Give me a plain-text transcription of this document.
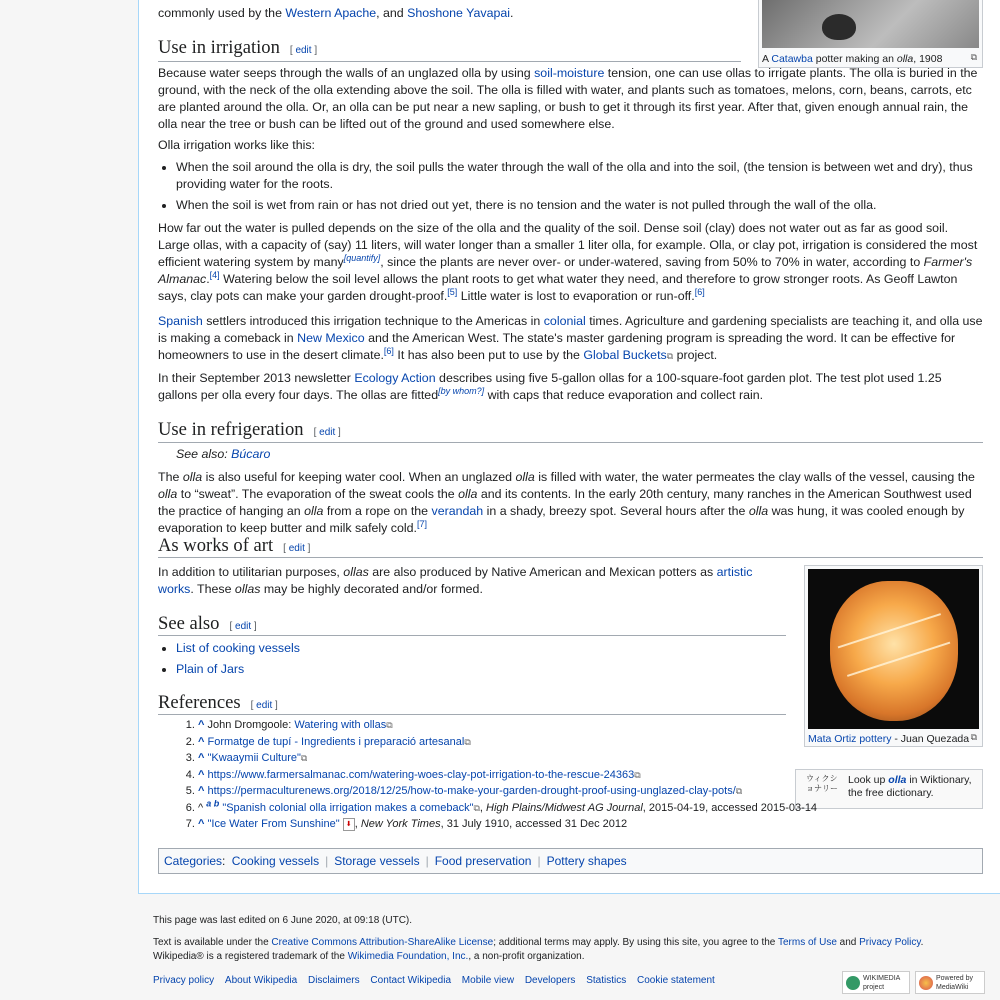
commonly used by the Western Apache, and Shoshone Yavapai.
A Catawba potter making an olla, 1908	⧉
Use in irrigation [ edit ]
Because water seeps through the walls of an unglazed olla by using soil-moisture tension, one can use ollas to irrigate plants. The olla is buried in the ground, with the neck of the olla extending above the soil. The olla is filled with water, and plants such as tomatoes, melons, corn, beans, carrots, etc are planted around the olla. Or, an olla can be put near a new sapling, or bush to get it through its first year. After that, given enough annual rain, the olla near the tree or bush can be lifted out of the ground and used somewhere else.

Olla irrigation works like this:

• When the soil around the olla is dry, the soil pulls the water through the wall of the olla and into the soil, (the tension is between wet and dry), thus providing water for the roots.
• When the soil is wet from rain or has not dried out yet, there is no tension and the water is not pulled through the wall of the olla.
How far out the water is pulled depends on the size of the olla and the quality of the soil. Dense soil (clay) does not water out as far as good soil. Large ollas, with a capacity of (say) 11 liters, will water longer than a smaller 1 liter olla, for example. Olla, or clay pot, irrigation is considered the most efficient watering system by many[quantify], since the plants are never over- or under-watered, saving from 50% to 70% in water, according to Farmer's Almanac.[4] Watering below the soil level allows the plant roots to get what water they need, and therefore to grow stronger roots. As Geoff Lawton says, clay pots can make your garden drought-proof.[5] Little water is lost to evaporation or run-off.[6]
Spanish settlers introduced this irrigation technique to the Americas in colonial times. Agriculture and gardening specialists are teaching it, and olla use is making a comeback in New Mexico and the American West. The state's master gardening program is spreading the word. It can be effective for homeowners to use in the desert climate.[6] It has also been put to use by the Global Buckets⧉ project.
In their September 2013 newsletter Ecology Action describes using five 5-gallon ollas for a 100-square-foot garden plot. The test plot used 1.25 gallons per olla every four days. The ollas are fitted[by whom?] with caps that reduce evaporation and collect rain.
Use in refrigeration [ edit ]
See also: Búcaro
The olla is also useful for keeping water cool. When an unglazed olla is filled with water, the water permeates the clay walls of the vessel, causing the olla to “sweat”. The evaporation of the sweat cools the olla and its contents. In the early 20th century, many ranches in the American Southwest used the practice of hanging an olla from a rope on the verandah in a shady, breezy spot. Several hours after the olla was hung, it was cooled enough by evaporation to keep butter and milk safely cold.[7]
As works of art [ edit ]
In addition to utilitarian purposes, ollas are also produced by Native American and Mexican potters as artistic works. These ollas may be highly decorated and/or formed.
Mata Ortiz pottery - Juan Quezada ⧉
ウィクショナリー
Look up olla in Wiktionary, the free dictionary.
See also [ edit ]
• List of cooking vessels
• Plain of Jars
References [ edit ]
1. ^ John Dromgoole: Watering with ollas⧉
2. ^ Formatge de tupí - Ingredients i preparació artesanal⧉
3. ^ "Kwaaymii Culture"⧉
4. ^ https://www.farmersalmanac.com/watering-woes-clay-pot-irrigation-to-the-rescue-24363⧉
5. ^ https://permaculturenews.org/2018/12/25/how-to-make-your-garden-drought-proof-using-unglazed-clay-pots/⧉
6. ^ $^{a b}$ "Spanish colonial olla irrigation makes a comeback"⧉, High Plains/Midwest AG Journal, 2015-04-19, accessed 2015-03-14
7. ^ "Ice Water From Sunshine" ⬇ , New York Times, 31 July 1910, accessed 31 Dec 2012
Categories: Cooking vessels | Storage vessels | Food preservation | Pottery shapes
This page was last edited on 6 June 2020, at 09:18 (UTC).
Text is available under the Creative Commons Attribution-ShareAlike License; additional terms may apply. By using this site, you agree to the Terms of Use and Privacy Policy. Wikipedia® is a registered trademark of the Wikimedia Foundation, Inc., a non-profit organization.
Privacy policy About Wikipedia Disclaimers Contact Wikipedia Mobile view Developers Statistics Cookie statement	WIKIMEDIA project
Powered by MediaWiki
